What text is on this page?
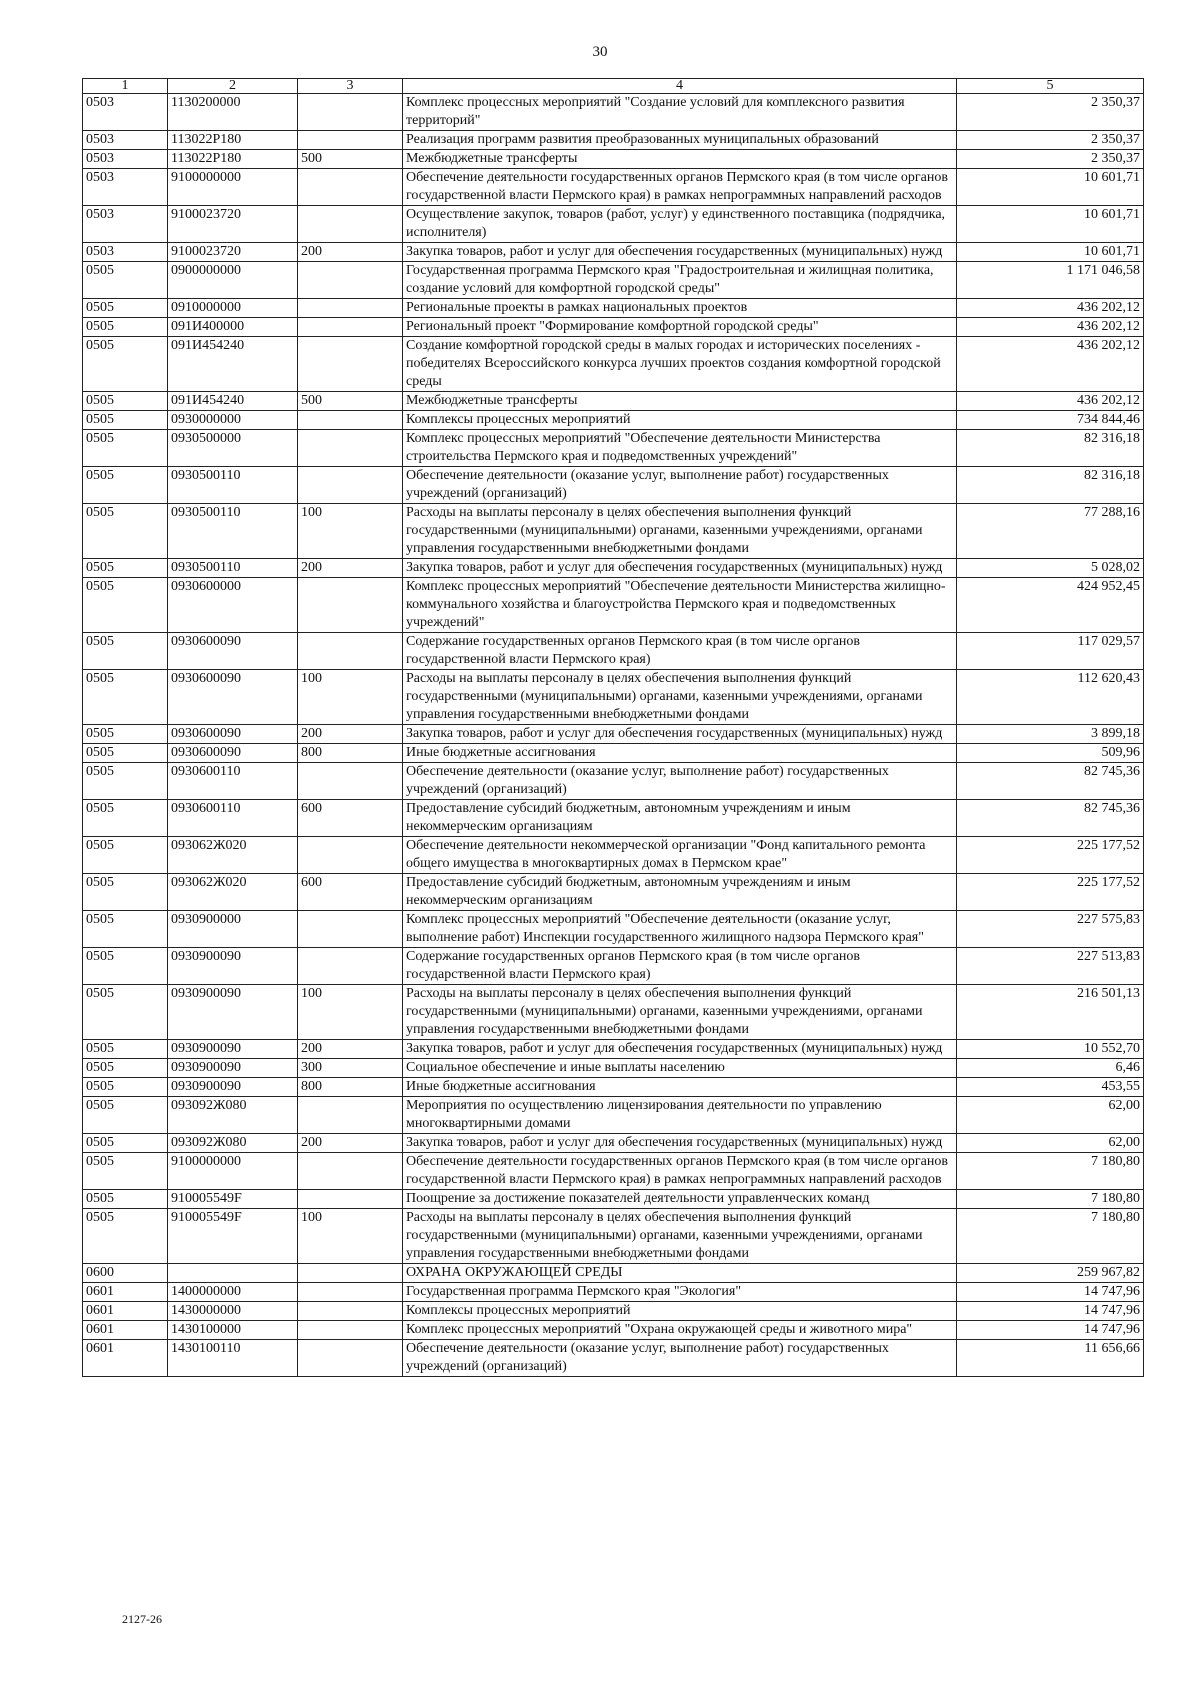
30
1	2	3	4	5
0503	1130200000		Комплекс процессных мероприятий "Создание условий для комплексного развития территорий"	2 350,37
0503	113022Р180		Реализация программ развития преобразованных муниципальных образований	2 350,37
0503	113022Р180	500	Межбюджетные трансферты	2 350,37
0503	9100000000		Обеспечение деятельности государственных органов Пермского края (в том числе органов государственной власти Пермского края) в рамках непрограммных направлений расходов	10 601,71
0503	9100023720		Осуществление закупок, товаров (работ, услуг) у единственного поставщика (подрядчика, исполнителя)	10 601,71
0503	9100023720	200	Закупка товаров, работ и услуг для обеспечения государственных (муниципальных) нужд	10 601,71
0505	0900000000		Государственная программа Пермского края "Градостроительная и жилищная политика, создание условий для комфортной городской среды"	1 171 046,58
0505	0910000000		Региональные проекты в рамках национальных проектов	436 202,12
0505	091И400000		Региональный проект "Формирование комфортной городской среды"	436 202,12
0505	091И454240		Создание комфортной городской среды в малых городах и исторических поселениях - победителях Всероссийского конкурса лучших проектов создания комфортной городской среды	436 202,12
0505	091И454240	500	Межбюджетные трансферты	436 202,12
0505	0930000000		Комплексы процессных мероприятий	734 844,46
0505	0930500000		Комплекс процессных мероприятий "Обеспечение деятельности Министерства строительства Пермского края и подведомственных учреждений"	82 316,18
0505	0930500110		Обеспечение деятельности (оказание услуг, выполнение работ) государственных учреждений (организаций)	82 316,18
0505	0930500110	100	Расходы на выплаты персоналу в целях обеспечения выполнения функций государственными (муниципальными) органами, казенными учреждениями, органами управления государственными внебюджетными фондами	77 288,16
0505	0930500110	200	Закупка товаров, работ и услуг для обеспечения государственных (муниципальных) нужд	5 028,02
0505	0930600000		Комплекс процессных мероприятий "Обеспечение деятельности Министерства жилищно-коммунального хозяйства и благоустройства Пермского края и подведомственных учреждений"	424 952,45
0505	0930600090		Содержание государственных органов Пермского края (в том числе органов государственной власти Пермского края)	117 029,57
0505	0930600090	100	Расходы на выплаты персоналу в целях обеспечения выполнения функций государственными (муниципальными) органами, казенными учреждениями, органами управления государственными внебюджетными фондами	112 620,43
0505	0930600090	200	Закупка товаров, работ и услуг для обеспечения государственных (муниципальных) нужд	3 899,18
0505	0930600090	800	Иные бюджетные ассигнования	509,96
0505	0930600110		Обеспечение деятельности (оказание услуг, выполнение работ) государственных учреждений (организаций)	82 745,36
0505	0930600110	600	Предоставление субсидий бюджетным, автономным учреждениям и иным некоммерческим организациям	82 745,36
0505	093062Ж020		Обеспечение деятельности некоммерческой организации "Фонд капитального ремонта общего имущества в многоквартирных домах в Пермском крае"	225 177,52
0505	093062Ж020	600	Предоставление субсидий бюджетным, автономным учреждениям и иным некоммерческим организациям	225 177,52
0505	0930900000		Комплекс процессных мероприятий "Обеспечение деятельности (оказание услуг, выполнение работ) Инспекции государственного жилищного надзора Пермского края"	227 575,83
0505	0930900090		Содержание государственных органов Пермского края (в том числе органов государственной власти Пермского края)	227 513,83
0505	0930900090	100	Расходы на выплаты персоналу в целях обеспечения выполнения функций государственными (муниципальными) органами, казенными учреждениями, органами управления государственными внебюджетными фондами	216 501,13
0505	0930900090	200	Закупка товаров, работ и услуг для обеспечения государственных (муниципальных) нужд	10 552,70
0505	0930900090	300	Социальное обеспечение и иные выплаты населению	6,46
0505	0930900090	800	Иные бюджетные ассигнования	453,55
0505	093092Ж080		Мероприятия по осуществлению лицензирования деятельности по управлению многоквартирными домами	62,00
0505	093092Ж080	200	Закупка товаров, работ и услуг для обеспечения государственных (муниципальных) нужд	62,00
0505	9100000000		Обеспечение деятельности государственных органов Пермского края (в том числе органов государственной власти Пермского края) в рамках непрограммных направлений расходов	7 180,80
0505	910005549F		Поощрение за достижение показателей деятельности управленческих команд	7 180,80
0505	910005549F	100	Расходы на выплаты персоналу в целях обеспечения выполнения функций государственными (муниципальными) органами, казенными учреждениями, органами управления государственными внебюджетными фондами	7 180,80
0600			ОХРАНА ОКРУЖАЮЩЕЙ СРЕДЫ	259 967,82
0601	1400000000		Государственная программа Пермского края "Экология"	14 747,96
0601	1430000000		Комплексы процессных мероприятий	14 747,96
0601	1430100000		Комплекс процессных мероприятий "Охрана окружающей среды и животного мира"	14 747,96
0601	1430100110		Обеспечение деятельности (оказание услуг, выполнение работ) государственных учреждений (организаций)	11 656,66
2127-26
